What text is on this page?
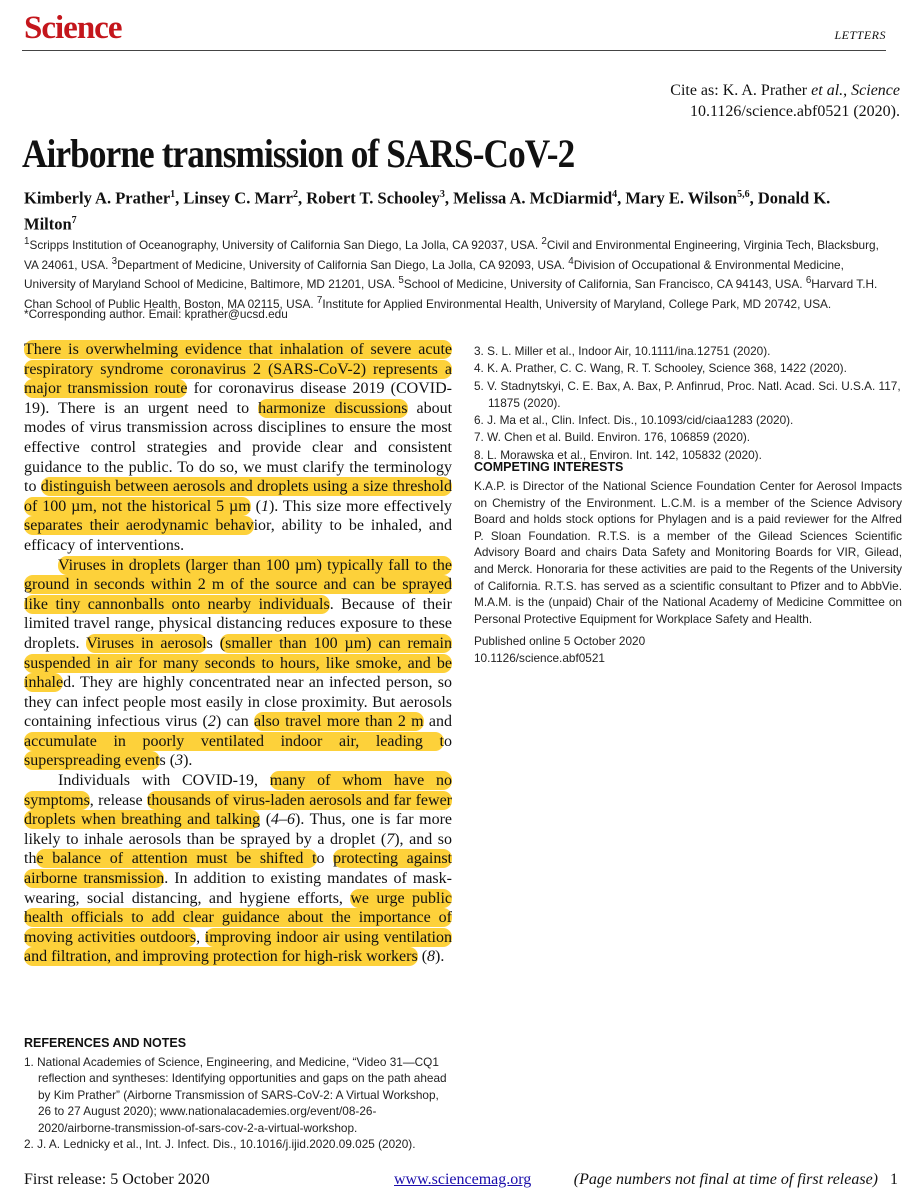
Science	LETTERS
Cite as: K. A. Prather et al., Science
10.1126/science.abf0521 (2020).
Airborne transmission of SARS-CoV-2
Kimberly A. Prather$^1$, Linsey C. Marr$^2$, Robert T. Schooley$^3$, Melissa A. McDiarmid$^4$, Mary E. Wilson$^{5,6}$, Donald K. Milton$^7$
$^1$Scripps Institution of Oceanography, University of California San Diego, La Jolla, CA 92037, USA. $^2$Civil and Environmental Engineering, Virginia Tech, Blacksburg, VA 24061, USA. $^3$Department of Medicine, University of California San Diego, La Jolla, CA 92093, USA. $^4$Division of Occupational & Environmental Medicine, University of Maryland School of Medicine, Baltimore, MD 21201, USA. $^5$School of Medicine, University of California, San Francisco, CA 94143, USA. $^6$Harvard T.H. Chan School of Public Health, Boston, MA 02115, USA. $^7$Institute for Applied Environmental Health, University of Maryland, College Park, MD 20742, USA.
*Corresponding author. Email: kprather@ucsd.edu

There is overwhelming evidence that inhalation of severe acute respiratory syndrome coronavirus 2 (SARS-CoV-2) represents a major transmission route for coronavirus disease 2019 (COVID-19). There is an urgent need to harmonize discussions about modes of virus transmission across disciplines to ensure the most effective control strategies and provide clear and consistent guidance to the public. To do so, we must clarify the terminology to distinguish between aerosols and droplets using a size threshold of 100 µm, not the historical 5 µm (1). This size more effectively separates their aerodynamic behavior, ability to be inhaled, and efficacy of interventions.

Viruses in droplets (larger than 100 µm) typically fall to the ground in seconds within 2 m of the source and can be sprayed like tiny cannonballs onto nearby individuals. Because of their limited travel range, physical distancing reduces exposure to these droplets. Viruses in aerosols (smaller than 100 µm) can remain suspended in air for many seconds to hours, like smoke, and be inhaled. They are highly concentrated near an infected person, so they can infect people most easily in close proximity. But aerosols containing infectious virus (2) can also travel more than 2 m and accumulate in poorly ventilated indoor air, leading to superspreading events (3).

Individuals with COVID-19, many of whom have no symptoms, release thousands of virus-laden aerosols and far fewer droplets when breathing and talking (4–6). Thus, one is far more likely to inhale aerosols than be sprayed by a droplet (7), and so the balance of attention must be shifted to protecting against airborne transmission. In addition to existing mandates of mask-wearing, social distancing, and hygiene efforts, we urge public health officials to add clear guidance about the importance of moving activities outdoors, improving indoor air using ventilation and filtration, and improving protection for high-risk workers (8).

REFERENCES AND NOTES
1. National Academies of Science, Engineering, and Medicine, “Video 31—CQ1 reflection and syntheses: Identifying opportunities and gaps on the path ahead by Kim Prather” (Airborne Transmission of SARS-CoV-2: A Virtual Workshop, 26 to 27 August 2020); www.nationalacademies.org/event/08-26-2020/airborne-transmission-of-sars-cov-2-a-virtual-workshop.
2. J. A. Lednicky et al., Int. J. Infect. Dis., 10.1016/j.ijid.2020.09.025 (2020).
3. S. L. Miller et al., Indoor Air, 10.1111/ina.12751 (2020).
4. K. A. Prather, C. C. Wang, R. T. Schooley, Science 368, 1422 (2020).
5. V. Stadnytskyi, C. E. Bax, A. Bax, P. Anfinrud, Proc. Natl. Acad. Sci. U.S.A. 117, 11875 (2020).
6. J. Ma et al., Clin. Infect. Dis., 10.1093/cid/ciaa1283 (2020).
7. W. Chen et al. Build. Environ. 176, 106859 (2020).
8. L. Morawska et al., Environ. Int. 142, 105832 (2020).
COMPETING INTERESTS
K.A.P. is Director of the National Science Foundation Center for Aerosol Impacts on Chemistry of the Environment. L.C.M. is a member of the Science Advisory Board and holds stock options for Phylagen and is a paid reviewer for the Alfred P. Sloan Foundation. R.T.S. is a member of the Gilead Sciences Scientific Advisory Board and chairs Data Safety and Monitoring Boards for VIR, Gilead, and Merck. Honoraria for these activities are paid to the Regents of the University of California. R.T.S. has served as a scientific consultant to Pfizer and to AbbVie. M.A.M. is the (unpaid) Chair of the National Academy of Medicine Committee on Personal Protective Equipment for Workplace Safety and Health.
Published online 5 October 2020
10.1126/science.abf0521
First release: 5 October 2020	www.sciencemag.org	(Page numbers not final at time of first release) 1
